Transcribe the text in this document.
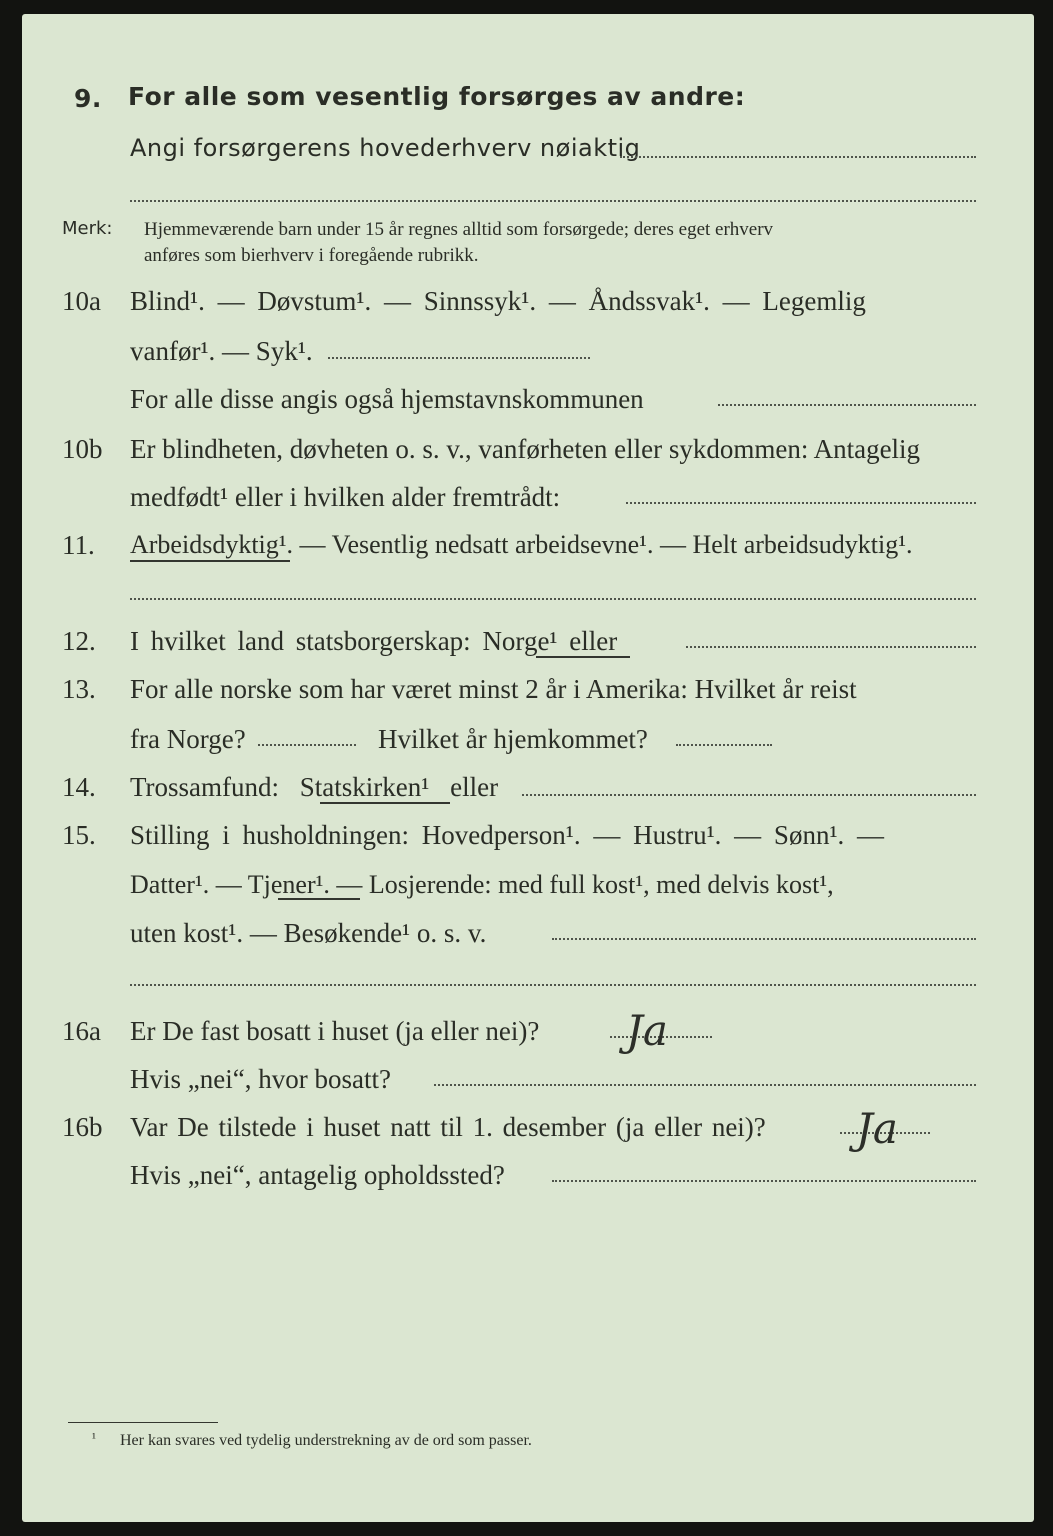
9. For alle som vesentlig forsørges av andre:
Angi forsørgerens hovederhverv nøiaktig
Merk: Hjemmeværende barn under 15 år regnes alltid som forsørgede; deres eget erhverv
anføres som bierhverv i foregående rubrikk.
10a Blind¹. — Døvstum¹. — Sinnssyk¹. — Åndssvak¹. — Legemlig
vanfør¹. — Syk¹.
For alle disse angis også hjemstavnskommunen
10b Er blindheten, døvheten o. s. v., vanførheten eller sykdommen: Antagelig
medfødt¹ eller i hvilken alder fremtrådt:
11. Arbeidsdyktig¹. — Vesentlig nedsatt arbeidsevne¹. — Helt arbeidsudyktig¹.
12. I hvilket land statsborgerskap: Norge¹ eller
13. For alle norske som har været minst 2 år i Amerika: Hvilket år reist
fra Norge?	Hvilket år hjemkommet?
14. Trossamfund: Statskirken¹ eller
15. Stilling i husholdningen: Hovedperson¹. — Hustru¹. — Sønn¹. —
Datter¹. — Tjener¹. — Losjerende: med full kost¹, med delvis kost¹,
uten kost¹. — Besøkende¹ o. s. v.
16a Er De fast bosatt i huset (ja eller nei)? Ja
Hvis „nei“, hvor bosatt?
16b Var De tilstede i huset natt til 1. desember (ja eller nei)? Ja
Hvis „nei“, antagelig opholdssted?
¹ Her kan svares ved tydelig understrekning av de ord som passer.
